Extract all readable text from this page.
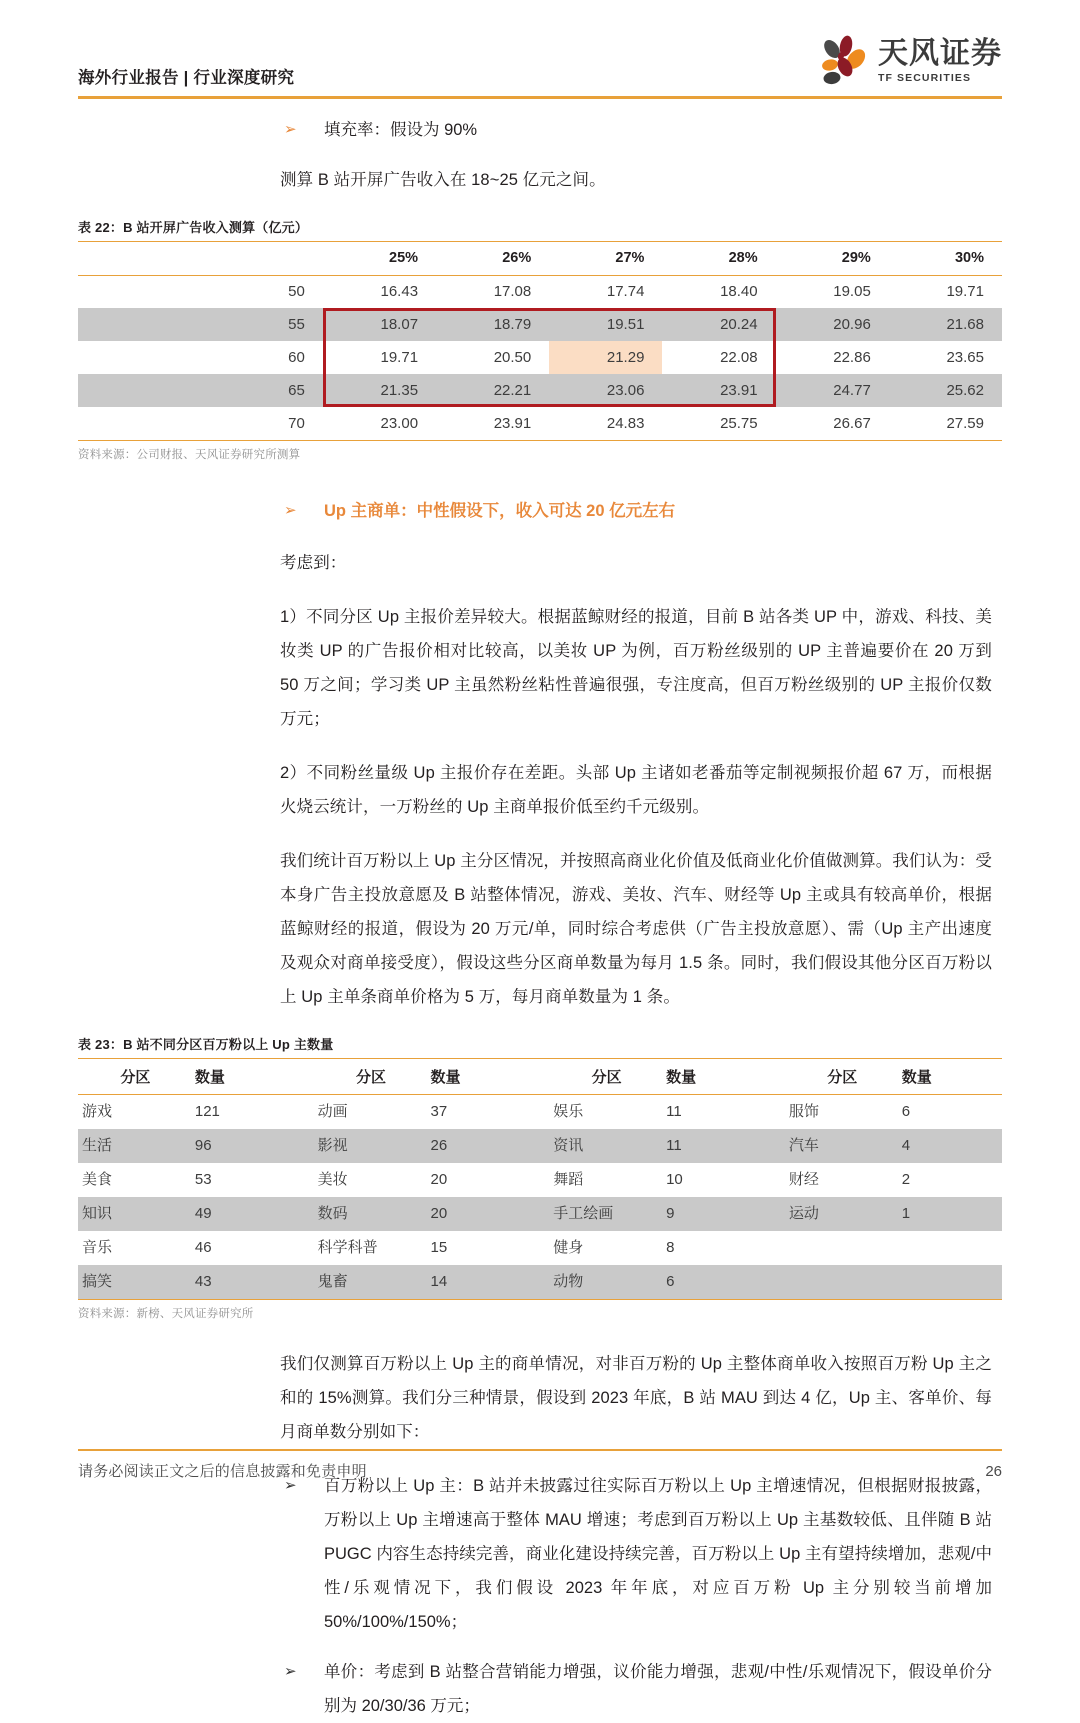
海外行业报告 | 行业深度研究
天风证券
TF SECURITIES
➢	填充率：假设为 90%

测算 B 站开屏广告收入在 18~25 亿元之间。

表 22：B 站开屏广告收入测算（亿元）
	25%	26%	27%	28%	29%	30%
50	16.43	17.08	17.74	18.40	19.05	19.71
55	18.07	18.79	19.51	20.24	20.96	21.68
60	19.71	20.50	21.29	22.08	22.86	23.65
65	21.35	22.21	23.06	23.91	24.77	25.62
70	23.00	23.91	24.83	25.75	26.67	27.59
资料来源：公司财报、天风证券研究所测算
➢	Up 主商单：中性假设下，收入可达 20 亿元左右

考虑到：

1）不同分区 Up 主报价差异较大。根据蓝鲸财经的报道，目前 B 站各类 UP 中，游戏、科技、美妆类 UP 的广告报价相对比较高，以美妆 UP 为例，百万粉丝级别的 UP 主普遍要价在 20 万到 50 万之间；学习类 UP 主虽然粉丝粘性普遍很强，专注度高，但百万粉丝级别的 UP 主报价仅数万元；

2）不同粉丝量级 Up 主报价存在差距。头部 Up 主诸如老番茄等定制视频报价超 67 万，而根据火烧云统计，一万粉丝的 Up 主商单报价低至约千元级别。

我们统计百万粉以上 Up 主分区情况，并按照高商业化价值及低商业化价值做测算。我们认为：受本身广告主投放意愿及 B 站整体情况，游戏、美妆、汽车、财经等 Up 主或具有较高单价，根据蓝鲸财经的报道，假设为 20 万元/单，同时综合考虑供（广告主投放意愿）、需（Up 主产出速度及观众对商单接受度），假设这些分区商单数量为每月 1.5 条。同时，我们假设其他分区百万粉以上 Up 主单条商单价格为 5 万，每月商单数量为 1 条。

表 23：B 站不同分区百万粉以上 Up 主数量
分区	数量	分区	数量	分区	数量	分区	数量
游戏	121	动画	37	娱乐	11	服饰	6
生活	96	影视	26	资讯	11	汽车	4
美食	53	美妆	20	舞蹈	10	财经	2
知识	49	数码	20	手工绘画	9	运动	1
音乐	46	科学科普	15	健身	8		
搞笑	43	鬼畜	14	动物	6		
资料来源：新榜、天风证券研究所

我们仅测算百万粉以上 Up 主的商单情况，对非百万粉的 Up 主整体商单收入按照百万粉 Up 主之和的 15%测算。我们分三种情景，假设到 2023 年底，B 站 MAU 到达 4 亿，Up 主、客单价、每月商单数分别如下：

➢	百万粉以上 Up 主：B 站并未披露过往实际百万粉以上 Up 主增速情况，但根据财报披露，万粉以上 Up 主增速高于整体 MAU 增速；考虑到百万粉以上 Up 主基数较低、且伴随 B 站 PUGC 内容生态持续完善，商业化建设持续完善，百万粉以上 Up 主有望持续增加，悲观/中性/乐观情况下，我们假设 2023 年年底，对应百万粉 Up 主分别较当前增加 50%/100%/150%；
➢	单价：考虑到 B 站整合营销能力增强，议价能力增强，悲观/中性/乐观情况下，假设单价分别为 20/30/36 万元；
请务必阅读正文之后的信息披露和免责申明	26
